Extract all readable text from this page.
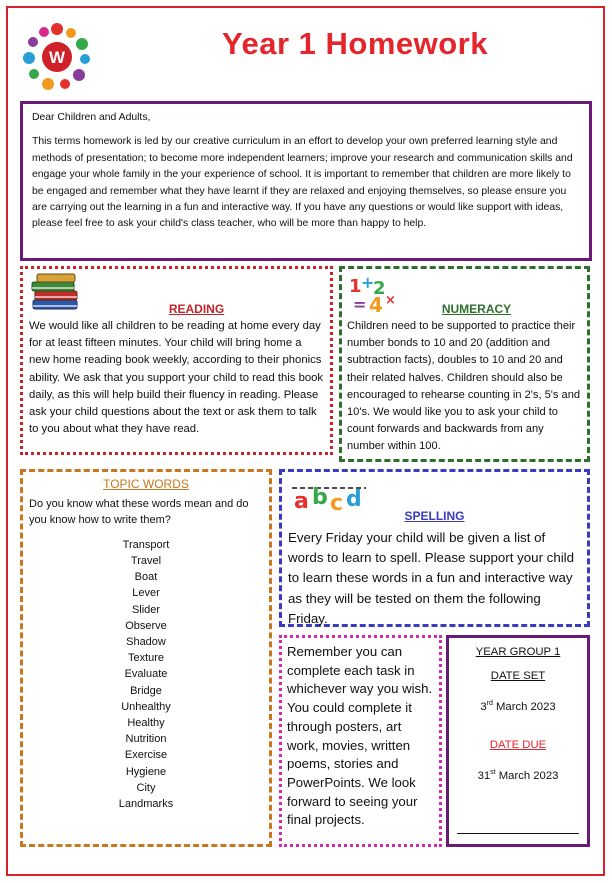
W	Year 1 Homework

Dear Children and Adults,

This terms homework is led by our creative curriculum in an effort to develop your own preferred learning style and methods of presentation; to become more independent learners; improve your research and communication skills and engage your whole family in the your experience of school. It is important to remember that children are more likely to be engaged and remember what they have learnt if they are relaxed and enjoying themselves, so please ensure you are carrying out the learning in a fun and interactive way. If you have any questions or would like support with ideas, please feel free to ask your child's class teacher, who will be more than happy to help.

READING

We would like all children to be reading at home every day for at least fifteen minutes. Your child will bring home a new home reading book weekly, according to their phonics ability. We ask that you support your child to read this book daily, as this will help build their fluency in reading. Please ask your child questions about the text or ask them to talk to you about what they have read.

1 +
2
= 4 ×
NUMERACY

Children need to be supported to practice their number bonds to 10 and 20 (addition and subtraction facts), doubles to 10 and 20 and their related halves. Children should also be encouraged to rehearse counting in 2's, 5's and 10's. We would like you to ask your child to count forwards and backwards from any number within 100.

TOPIC WORDS

Do you know what these words mean and do you know how to write them?

Transport
Travel
Boat
Lever
Slider
Observe
Shadow
Texture
Evaluate
Bridge
Unhealthy
Healthy
Nutrition
Exercise
Hygiene
City
Landmarks
a b c d
SPELLING

Every Friday your child will be given a list of words to learn to spell. Please support your child to learn these words in a fun and interactive way as they will be tested on them the following Friday.

Remember you can complete each task in whichever way you wish. You could complete it through posters, art work, movies, written poems, stories and PowerPoints. We look forward to seeing your final projects.

YEAR GROUP 1
DATE SET
3rd March 2023
DATE DUE
31st March 2023
